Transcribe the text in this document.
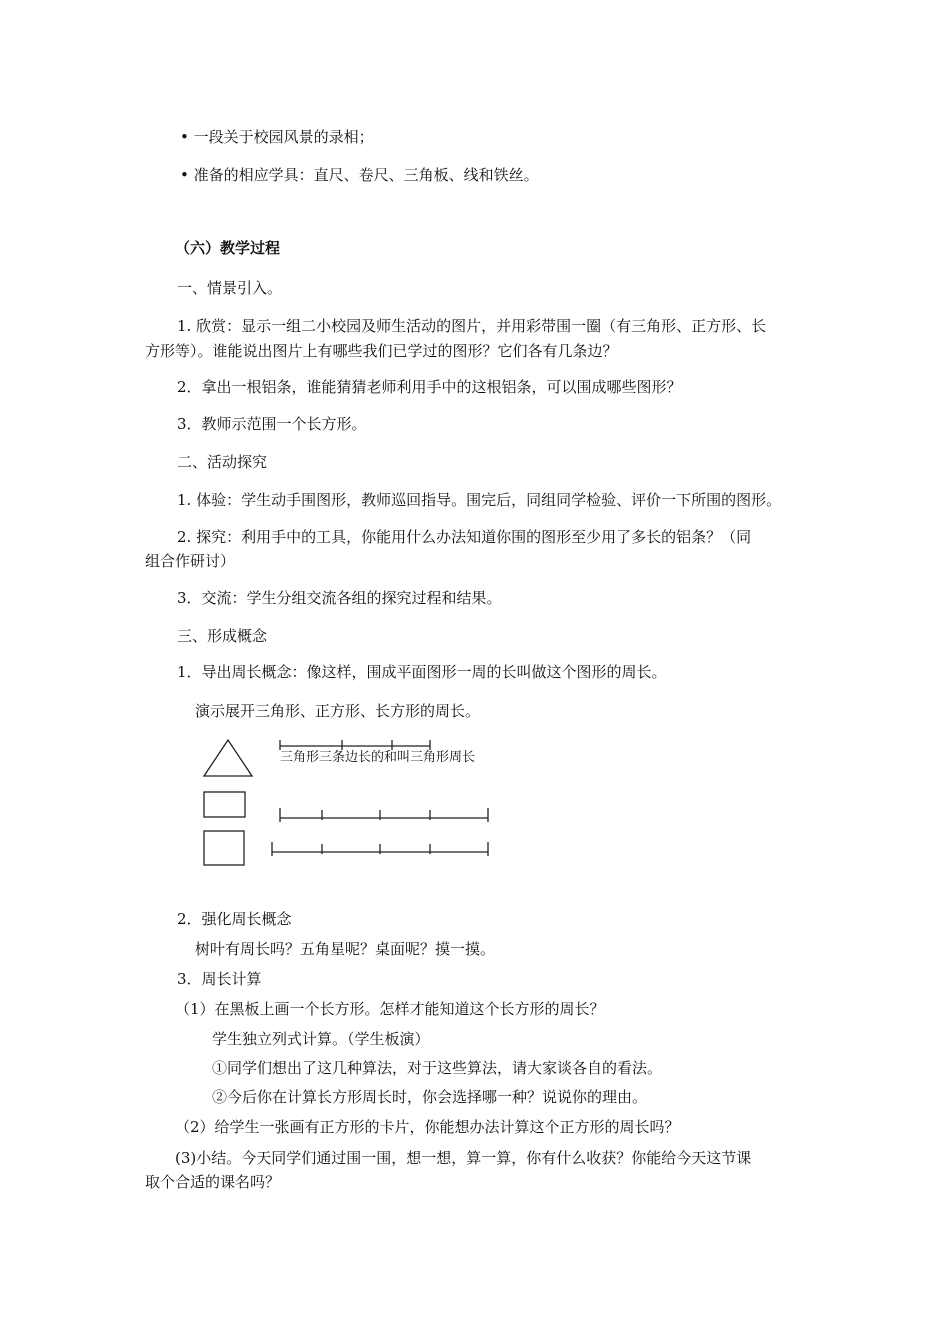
• 一段关于校园风景的录相；
• 准备的相应学具：直尺、卷尺、三角板、线和铁丝。
（六）教学过程
一、情景引入。
1. 欣赏：显示一组二小校园及师生活动的图片，并用彩带围一圈（有三角形、正方形、长
方形等）。谁能说出图片上有哪些我们已学过的图形？它们各有几条边？
2．拿出一根铝条，谁能猜猜老师利用手中的这根铝条，可以围成哪些图形？
3．教师示范围一个长方形。
二、活动探究
1. 体验：学生动手围图形，教师巡回指导。围完后，同组同学检验、评价一下所围的图形。
2. 探究：利用手中的工具，你能用什么办法知道你围的图形至少用了多长的铝条？（同
组合作研讨）
3．交流：学生分组交流各组的探究过程和结果。
三、形成概念
1．导出周长概念：像这样，围成平面图形一周的长叫做这个图形的周长。
演示展开三角形、正方形、长方形的周长。
三角形三条边长的和叫三角形周长
2．强化周长概念
树叶有周长吗？五角星呢？桌面呢？摸一摸。
3．周长计算
（1）在黑板上画一个长方形。怎样才能知道这个长方形的周长？
学生独立列式计算。（学生板演）
①同学们想出了这几种算法，对于这些算法，请大家谈各自的看法。
②今后你在计算长方形周长时，你会选择哪一种？说说你的理由。
（2）给学生一张画有正方形的卡片，你能想办法计算这个正方形的周长吗？
(3)小结。今天同学们通过围一围，想一想，算一算，你有什么收获？你能给今天这节课
取个合适的课名吗？
